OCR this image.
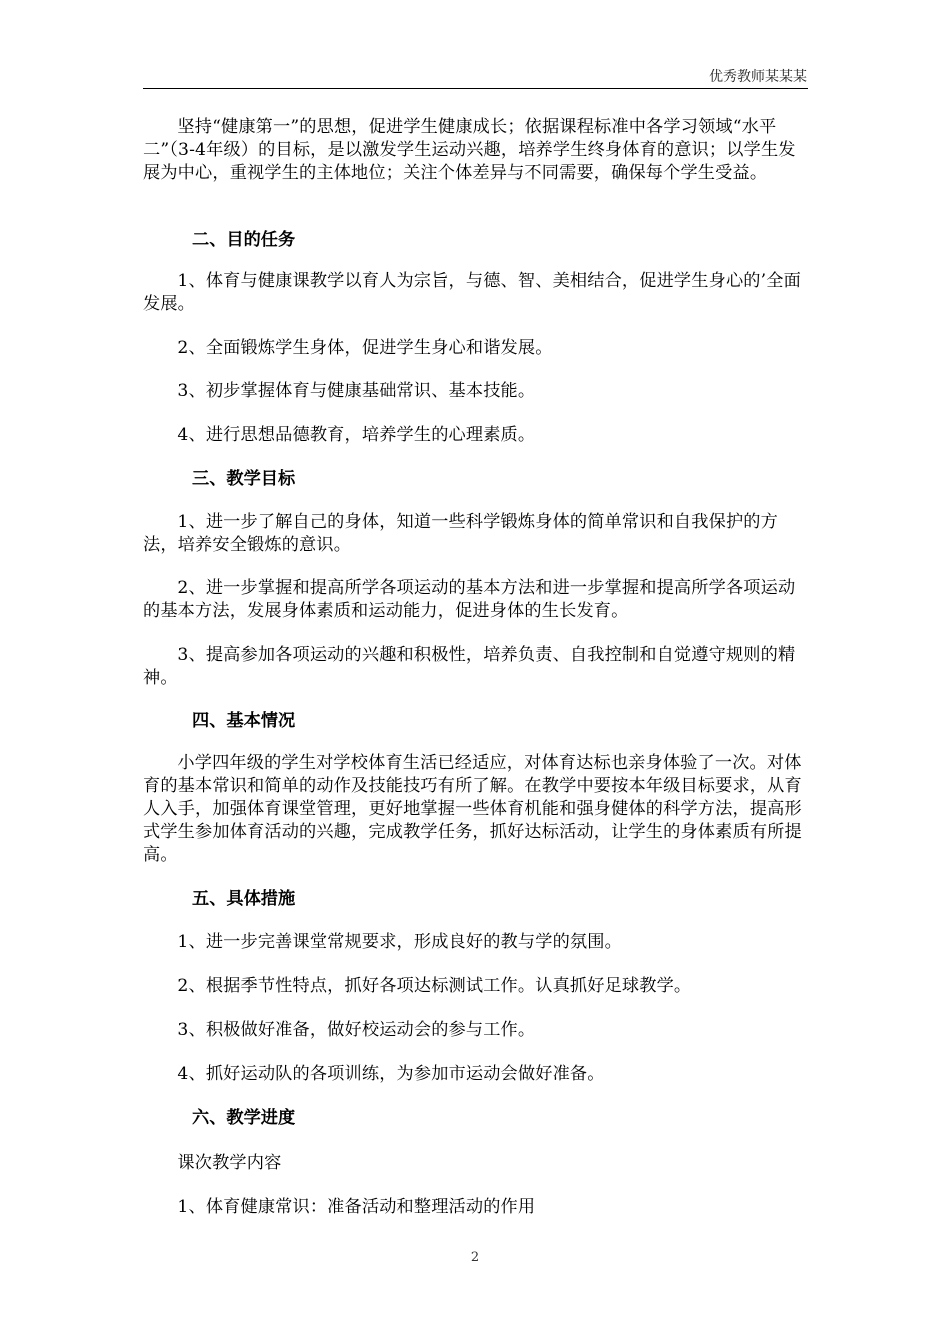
优秀教师某某某

坚持“健康第一”的思想，促进学生健康成长；依据课程标准中各学习领域“水平二”（3-4年级）的目标，是以激发学生运动兴趣，培养学生终身体育的意识；以学生发展为中心，重视学生的主体地位；关注个体差异与不同需要，确保每个学生受益。

二、目的任务

1、体育与健康课教学以育人为宗旨，与德、智、美相结合，促进学生身心的’全面发展。

2、全面锻炼学生身体，促进学生身心和谐发展。

3、初步掌握体育与健康基础常识、基本技能。

4、进行思想品德教育，培养学生的心理素质。

三、教学目标

1、进一步了解自己的身体，知道一些科学锻炼身体的简单常识和自我保护的方法，培养安全锻炼的意识。

2、进一步掌握和提高所学各项运动的基本方法和进一步掌握和提高所学各项运动的基本方法，发展身体素质和运动能力，促进身体的生长发育。

3、提高参加各项运动的兴趣和积极性，培养负责、自我控制和自觉遵守规则的精神。

四、基本情况

小学四年级的学生对学校体育生活已经适应，对体育达标也亲身体验了一次。对体育的基本常识和简单的动作及技能技巧有所了解。在教学中要按本年级目标要求，从育人入手，加强体育课堂管理，更好地掌握一些体育机能和强身健体的科学方法，提高形式学生参加体育活动的兴趣，完成教学任务，抓好达标活动，让学生的身体素质有所提高。

五、具体措施

1、进一步完善课堂常规要求，形成良好的教与学的氛围。

2、根据季节性特点，抓好各项达标测试工作。认真抓好足球教学。

3、积极做好准备，做好校运动会的参与工作。

4、抓好运动队的各项训练，为参加市运动会做好准备。

六、教学进度

课次教学内容

1、体育健康常识：准备活动和整理活动的作用

2
